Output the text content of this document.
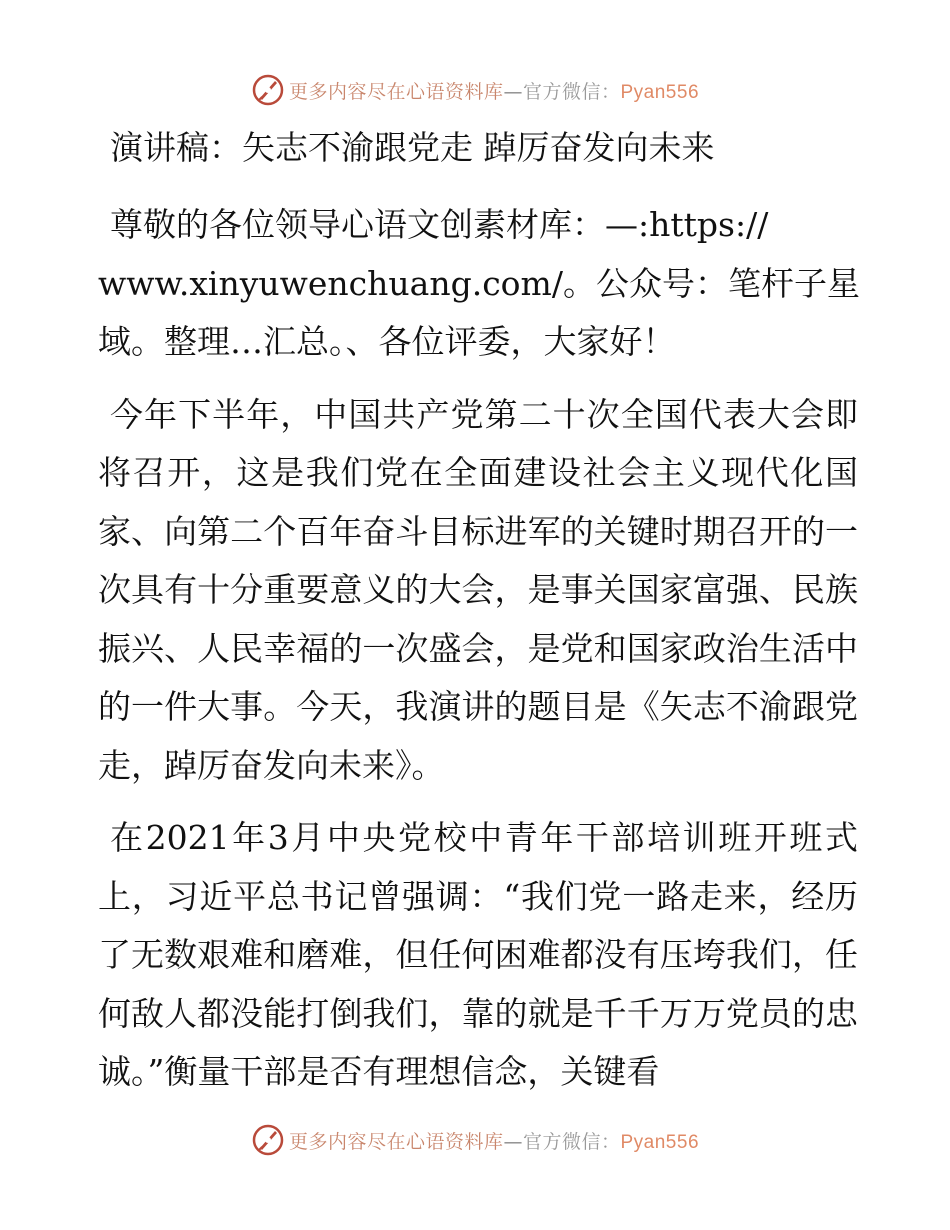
更多内容尽在心语资料库—官方微信：Pyan556
演讲稿：矢志不渝跟党走 踔厉奋发向未来

尊敬的各位领导心语文创素材库：—:https://
www.xinyuwenchuang.com/。公众号：笔杆子星
域。整理…汇总。、各位评委，大家好！

今年下半年，中国共产党第二十次全国代表大会即将召开，这是我们党在全面建设社会主义现代化国家、向第二个百年奋斗目标进军的关键时期召开的一次具有十分重要意义的大会，是事关国家富强、民族振兴、人民幸福的一次盛会，是党和国家政治生活中的一件大事。今天，我演讲的题目是《矢志不渝跟党走，踔厉奋发向未来》。

在2021年3月中央党校中青年干部培训班开班式上，习近平总书记曾强调：“我们党一路走来，经历了无数艰难和磨难，但任何困难都没有压垮我们，任何敌人都没能打倒我们，靠的就是千千万万党员的忠诚。”衡量干部是否有理想信念，关键看

更多内容尽在心语资料库—官方微信：Pyan556
